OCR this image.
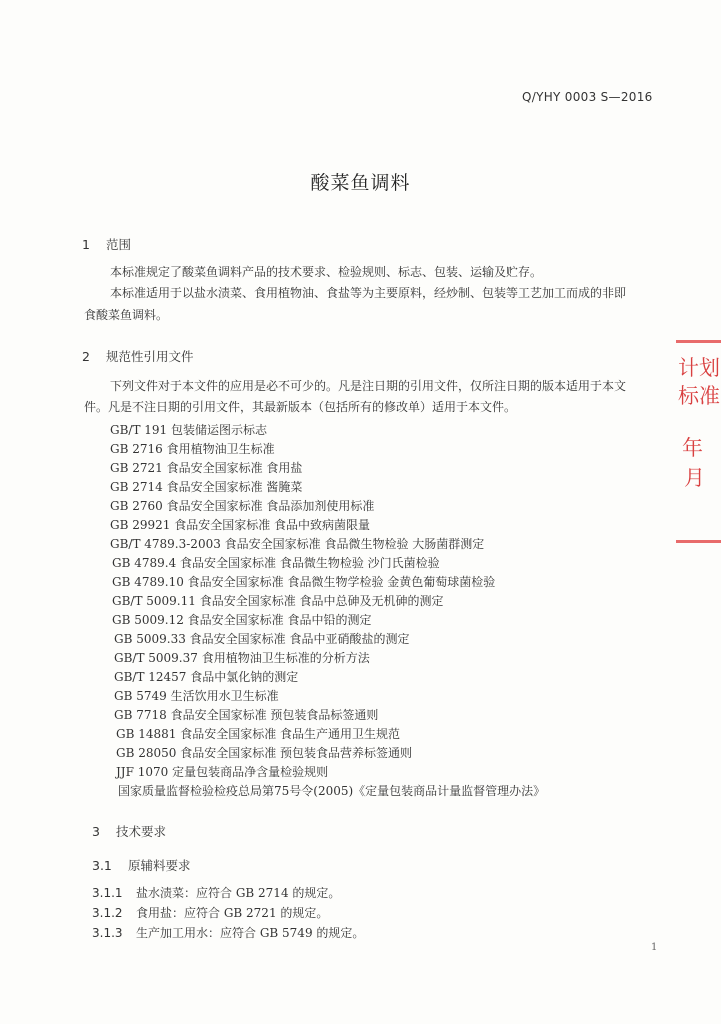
Q/YHY 0003 S—2016
酸菜鱼调料
1 范围
本标准规定了酸菜鱼调料产品的技术要求、检验规则、标志、包装、运输及贮存。
本标准适用于以盐水渍菜、食用植物油、食盐等为主要原料，经炒制、包装等工艺加工而成的非即
食酸菜鱼调料。
2 规范性引用文件
下列文件对于本文件的应用是必不可少的。凡是注日期的引用文件，仅所注日期的版本适用于本文
件。凡是不注日期的引用文件，其最新版本（包括所有的修改单）适用于本文件。
GB/T 191 包装储运图示标志
GB 2716 食用植物油卫生标准
GB 2721 食品安全国家标准 食用盐
GB 2714 食品安全国家标准 酱腌菜
GB 2760 食品安全国家标准 食品添加剂使用标准
GB 29921 食品安全国家标准 食品中致病菌限量
GB/T 4789.3-2003 食品安全国家标准 食品微生物检验 大肠菌群测定
GB 4789.4 食品安全国家标准 食品微生物检验 沙门氏菌检验
GB 4789.10 食品安全国家标准 食品微生物学检验 金黄色葡萄球菌检验
GB/T 5009.11 食品安全国家标准 食品中总砷及无机砷的测定
GB 5009.12 食品安全国家标准 食品中铅的测定
GB 5009.33 食品安全国家标准 食品中亚硝酸盐的测定
GB/T 5009.37 食用植物油卫生标准的分析方法
GB/T 12457 食品中氯化钠的测定
GB 5749 生活饮用水卫生标准
GB 7718 食品安全国家标准 预包装食品标签通则
GB 14881 食品安全国家标准 食品生产通用卫生规范
GB 28050 食品安全国家标准 预包装食品营养标签通则
JJF 1070 定量包装商品净含量检验规则
国家质量监督检验检疫总局第75号令(2005)《定量包装商品计量监督管理办法》
3 技术要求
3.1 原辅料要求
3.1.1 盐水渍菜：应符合 GB 2714 的规定。
3.1.2 食用盐：应符合 GB 2721 的规定。
3.1.3 生产加工用水：应符合 GB 5749 的规定。
1
计划
标准
年
月
